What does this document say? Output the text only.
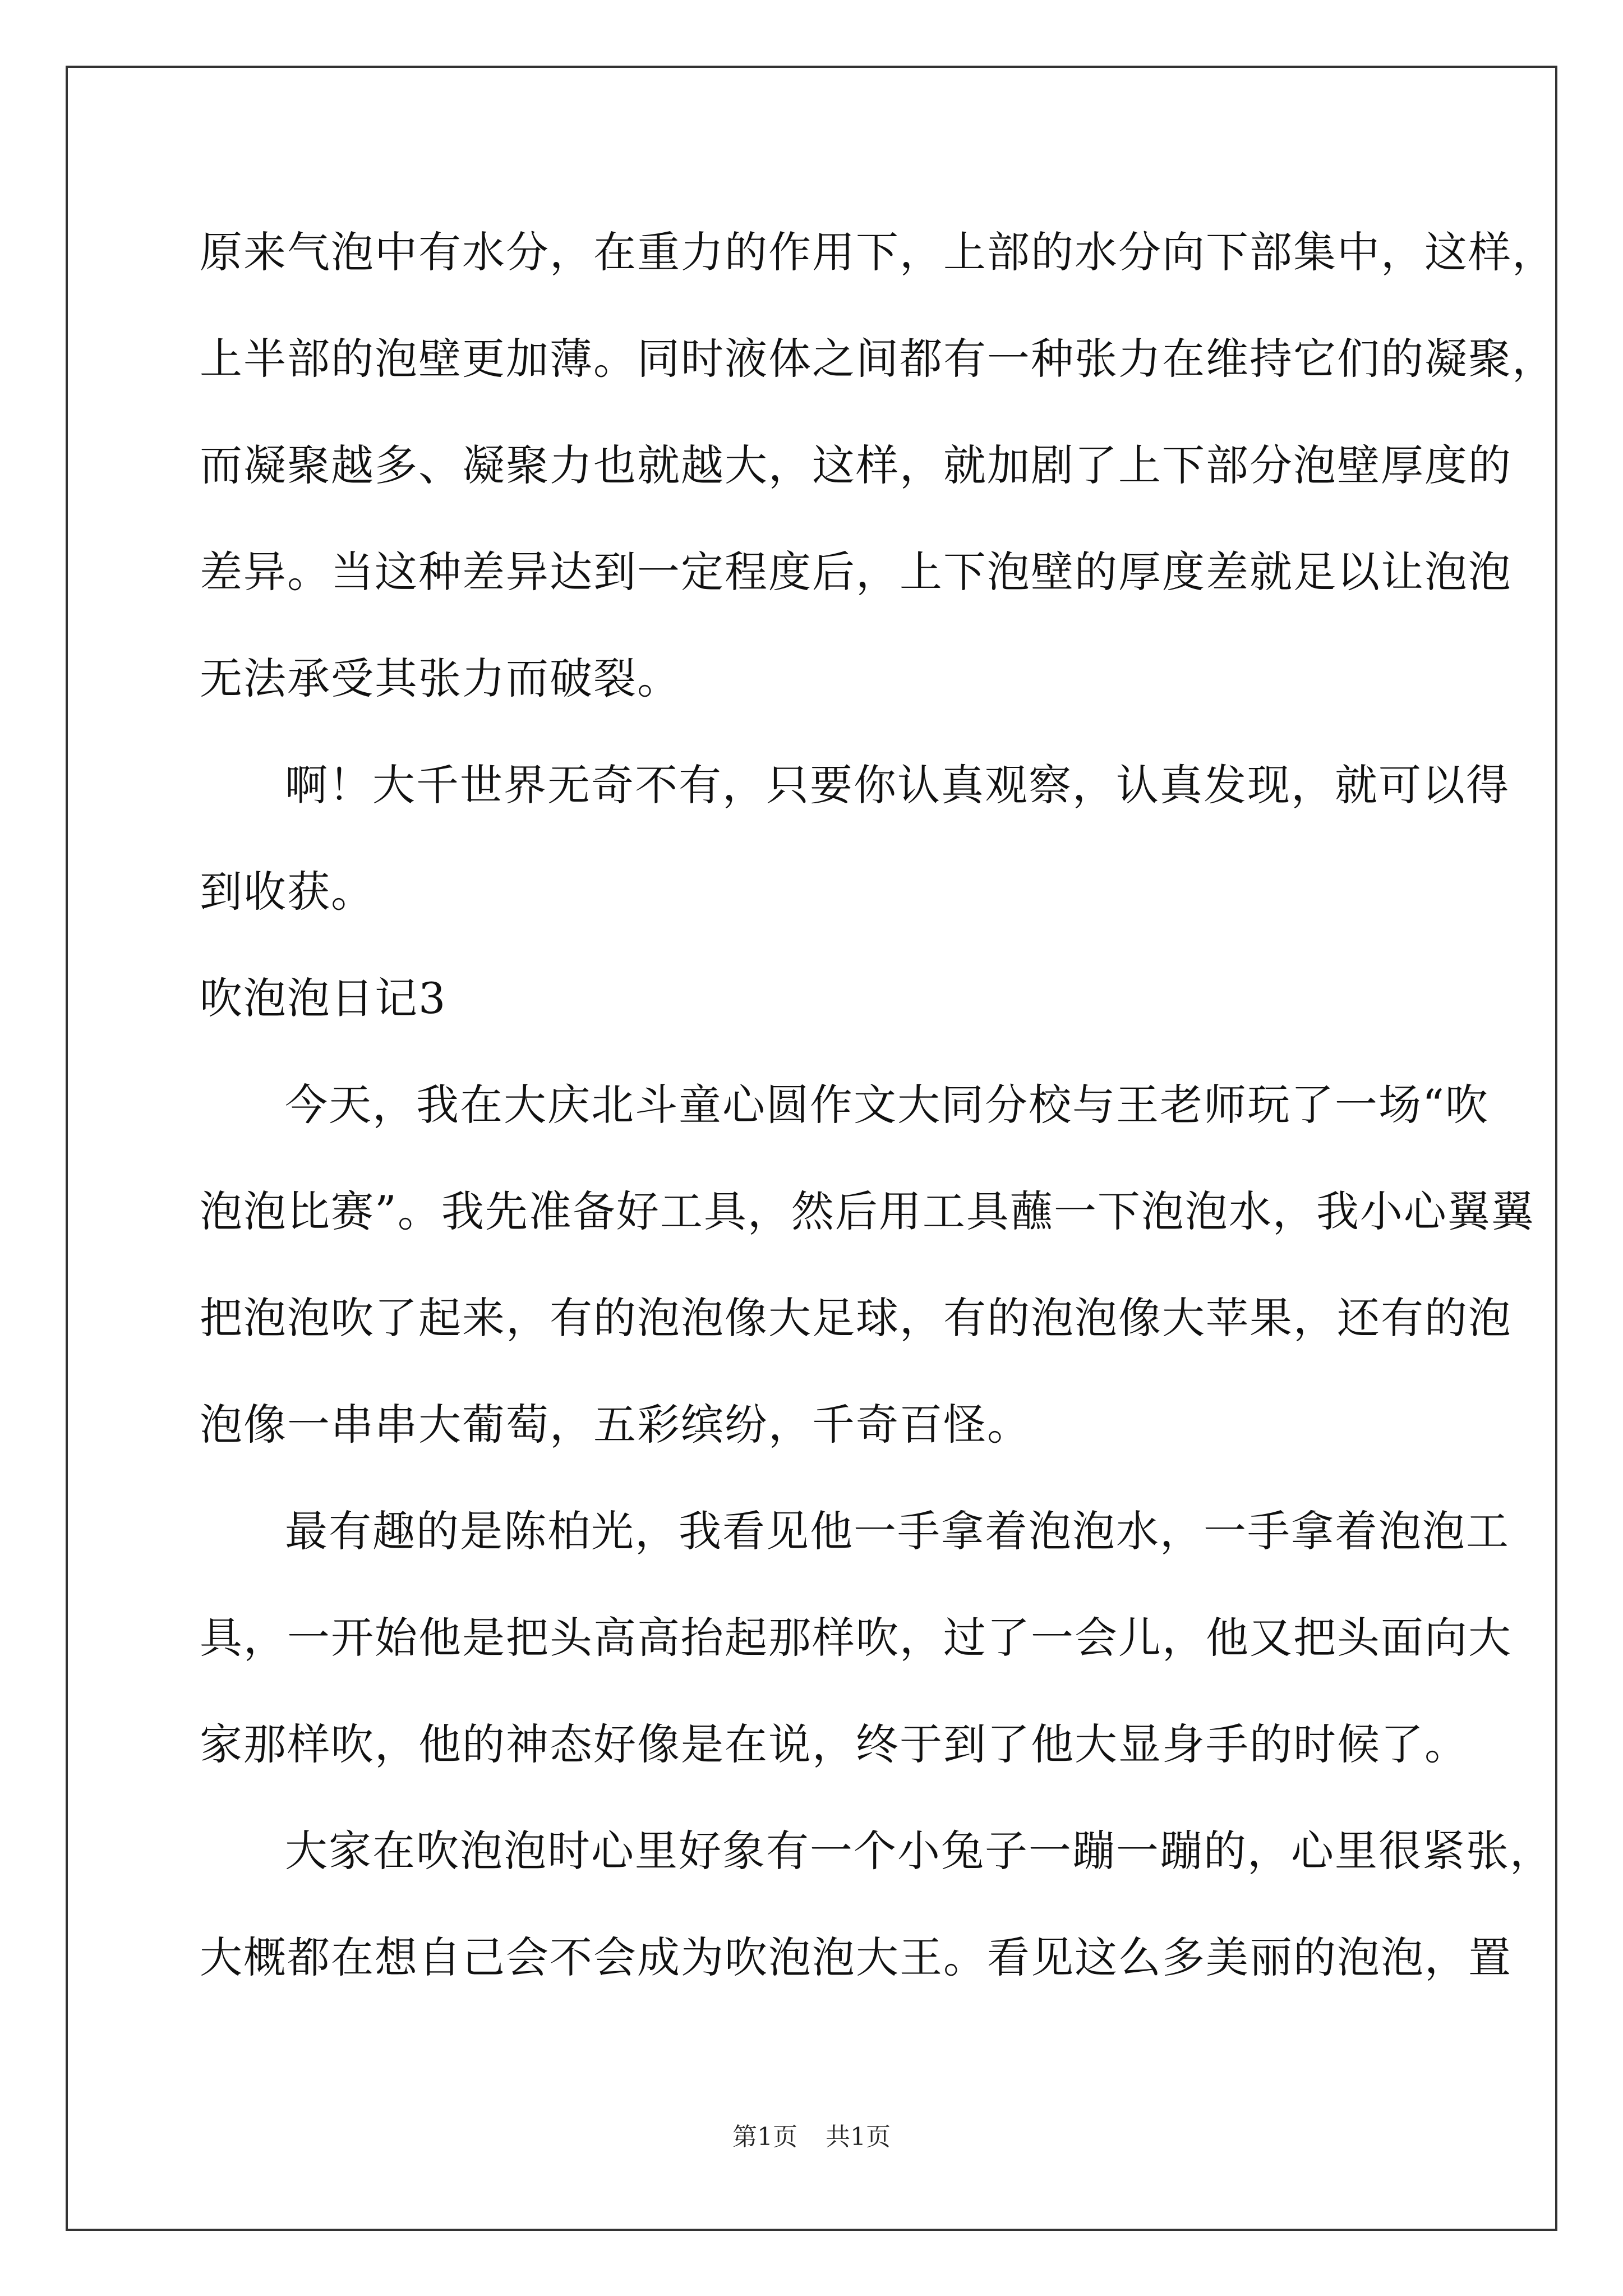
原来气泡中有水分，在重力的作用下，上部的水分向下部集中，这样，
上半部的泡壁更加薄。同时液体之间都有一种张力在维持它们的凝聚，
而凝聚越多、凝聚力也就越大，这样，就加剧了上下部分泡壁厚度的
差异。当这种差异达到一定程度后，上下泡壁的厚度差就足以让泡泡
无法承受其张力而破裂。
啊！大千世界无奇不有，只要你认真观察，认真发现，就可以得
到收获。
吹泡泡日记3
今天，我在大庆北斗童心圆作文大同分校与王老师玩了一场“吹
泡泡比赛”。我先准备好工具，然后用工具蘸一下泡泡水，我小心翼翼
把泡泡吹了起来，有的泡泡像大足球，有的泡泡像大苹果，还有的泡
泡像一串串大葡萄，五彩缤纷，千奇百怪。
最有趣的是陈柏光，我看见他一手拿着泡泡水，一手拿着泡泡工
具，一开始他是把头高高抬起那样吹，过了一会儿，他又把头面向大
家那样吹，他的神态好像是在说，终于到了他大显身手的时候了。
大家在吹泡泡时心里好象有一个小兔子一蹦一蹦的，心里很紧张，
大概都在想自己会不会成为吹泡泡大王。看见这么多美丽的泡泡，置
第1页 共1页
